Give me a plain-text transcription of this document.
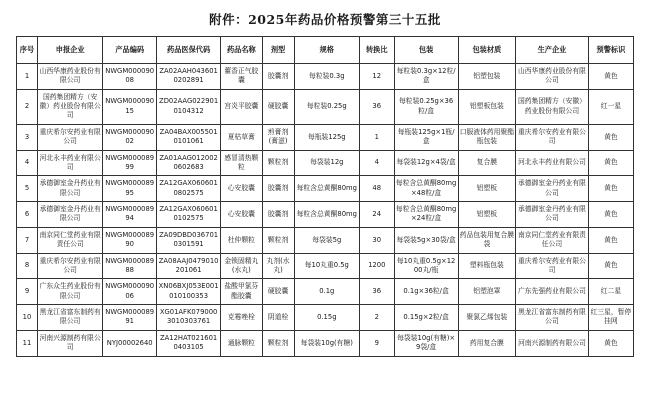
附件：2025年药品价格预警第三十五批
序号	申报企业	产品编码	药品医保代码	药品名称	剂型	规格	转换比	包装	包装材质	生产企业	预警标识
1	山西华康药业股份有限公司	NWGM00009008	ZA02AAH0436010202891	藿香正气胶囊	胶囊剂	每粒装0.3g	12	每粒装0.3g×12粒/盒	铝塑包装	山西华康药业股份有限公司	黄色
2	国药集团精方（安徽）药业股份有限公司	NWGM00009015	ZD02AAG0229010104312	宫炎平胶囊	硬胶囊	每粒装0.25g	36	每粒装0.25g×36粒/盒	铝塑板包装	国药集团精方（安徽）药业股份有限公司	红一星
3	重庆希尔安药业有限公司	NWGM00009002	ZA04BAX0055010101061	夏枯草膏	煎膏剂(膏滋)	每瓶装125g	1	每瓶装125g×1瓶/盒	口服液体药用聚酯瓶包装	重庆希尔安药业有限公司	黄色
4	河北永丰药业有限公司	NWGM00008999	ZA01AAG0120020602683	感冒清热颗粒	颗粒剂	每袋装12g	4	每袋装12g×4袋/盒	复合膜	河北永丰药业有限公司	黄色
5	承德御室金丹药业有限公司	NWGM00008995	ZA12GAX0606010802575	心安胶囊	胶囊剂	每粒含总黄酮80mg	48	每粒含总黄酮80mg×48粒/盒	铝塑板	承德御室金丹药业有限公司	黄色
6	承德御室金丹药业有限公司	NWGM00008994	ZA12GAX0606010102575	心安胶囊	胶囊剂	每粒含总黄酮80mg	24	每粒含总黄酮80mg×24粒/盒	铝塑板	承德御室金丹药业有限公司	黄色
7	南京同仁堂药业有限责任公司	NWGM00008990	ZA09DBD0367010301591	杜仲颗粒	颗粒剂	每袋装5g	30	每袋装5g×30袋/盒	药品包装用复合膜袋	南京同仁堂药业有限责任公司	黄色
8	重庆希尔安药业有限公司	NWGM00008988	ZA08AAJ0479010201061	金锁固精丸(水丸)	丸剂(水丸)	每10丸重0.5g	1200	每10丸重0.5g×1200丸/瓶	塑料瓶包装	重庆希尔安药业有限公司	黄色
9	广东众生药业股份有限公司	NWGM00009006	XN06BXJ053E001010100353	盐酸甲氯芬酯胶囊	硬胶囊	0.1g	36	0.1g×36粒/盒	铝塑泡罩	广东先强药业有限公司	红二星
10	黑龙江省富东制药有限公司	NWGM00008991	XG01AFK0790003010303761	克霉唑栓	阴道栓	0.15g	2	0.15g×2粒/盒	聚氯乙烯包装	黑龙江省富东制药有限公司	红三星，暂停挂网
11	河南兴源制药有限公司	NYJ00002640	ZA12HAT0216010403105	通脉颗粒	颗粒剂	每袋装10g(有糖)	9	每袋装10g(有糖)×9袋/盒	药用复合膜	河南兴源制药有限公司	黄色
